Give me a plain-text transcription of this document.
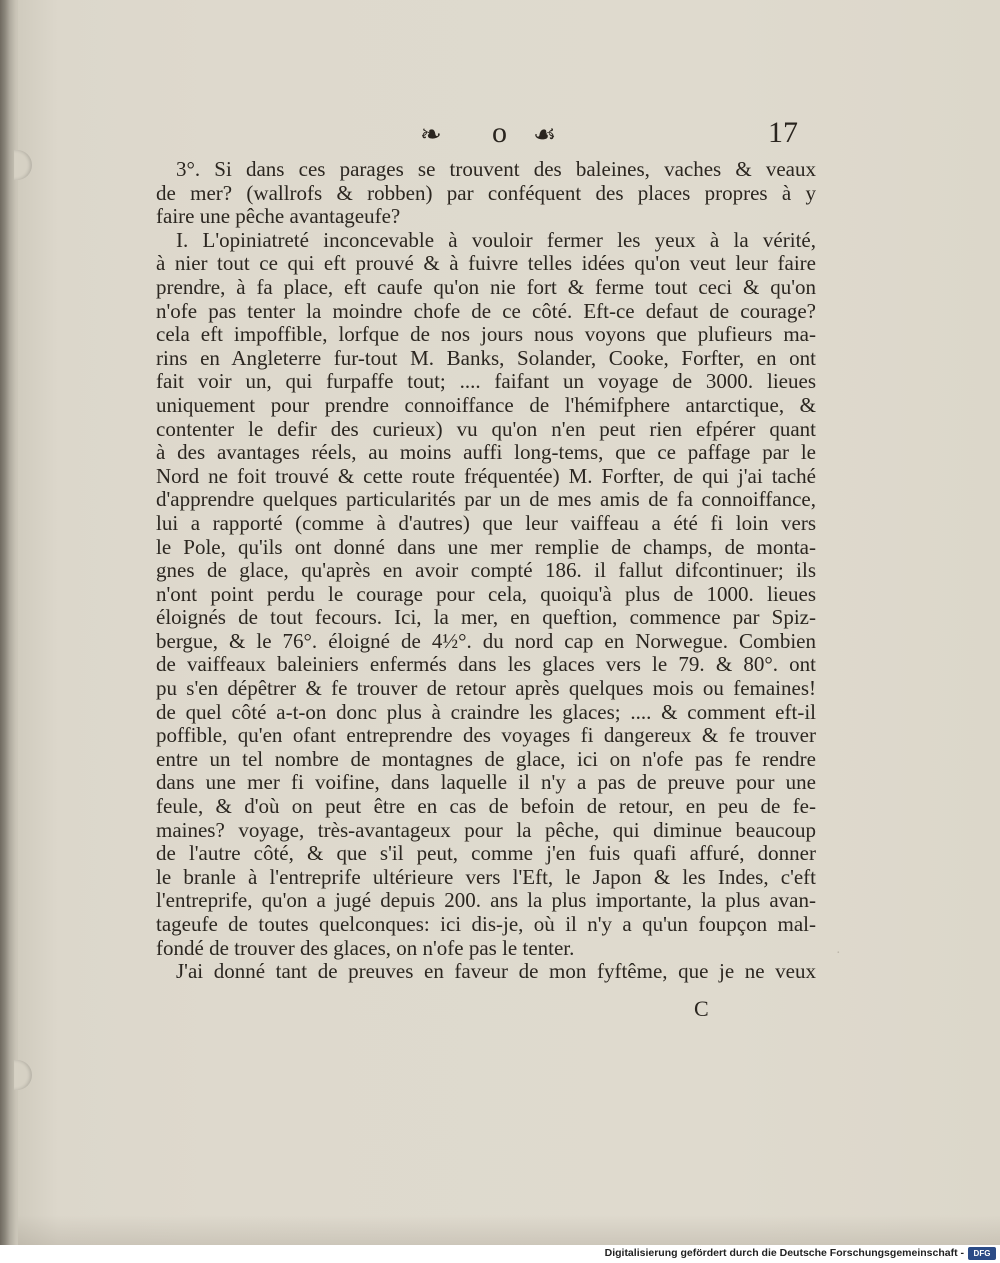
❧ o ☙	17
3°. Si dans ces parages se trouvent des baleines, vaches & veaux
de mer? (wallrofs & robben) par conféquent des places propres à y
faire une pêche avantageufe?
I. L'opiniatreté inconcevable à vouloir fermer les yeux à la vérité,
à nier tout ce qui eft prouvé & à fuivre telles idées qu'on veut leur faire
prendre, à fa place, eft caufe qu'on nie fort & ferme tout ceci & qu'on
n'ofe pas tenter la moindre chofe de ce côté. Eft-ce defaut de courage?
cela eft impoffible, lorfque de nos jours nous voyons que plufieurs ma-
rins en Angleterre fur-tout M. Banks, Solander, Cooke, Forfter, en ont
fait voir un, qui furpaffe tout; .... faifant un voyage de 3000. lieues
uniquement pour prendre connoiffance de l'hémifphere antarctique, &
contenter le defir des curieux) vu qu'on n'en peut rien efpérer quant
à des avantages réels, au moins auffi long-tems, que ce paffage par le
Nord ne foit trouvé & cette route fréquentée) M. Forfter, de qui j'ai taché
d'apprendre quelques particularités par un de mes amis de fa connoiffance,
lui a rapporté (comme à d'autres) que leur vaiffeau a été fi loin vers
le Pole, qu'ils ont donné dans une mer remplie de champs, de monta-
gnes de glace, qu'après en avoir compté 186. il fallut difcontinuer; ils
n'ont point perdu le courage pour cela, quoiqu'à plus de 1000. lieues
éloignés de tout fecours. Ici, la mer, en queftion, commence par Spiz-
bergue, & le 76°. éloigné de 4½°. du nord cap en Norwegue. Combien
de vaiffeaux baleiniers enfermés dans les glaces vers le 79. & 80°. ont
pu s'en dépêtrer & fe trouver de retour après quelques mois ou femaines!
de quel côté a-t-on donc plus à craindre les glaces; .... & comment eft-il
poffible, qu'en ofant entreprendre des voyages fi dangereux & fe trouver
entre un tel nombre de montagnes de glace, ici on n'ofe pas fe rendre
dans une mer fi voifine, dans laquelle il n'y a pas de preuve pour une
feule, & d'où on peut être en cas de befoin de retour, en peu de fe-
maines? voyage, très-avantageux pour la pêche, qui diminue beaucoup
de l'autre côté, & que s'il peut, comme j'en fuis quafi affuré, donner
le branle à l'entreprife ultérieure vers l'Eft, le Japon & les Indes, c'eft
l'entreprife, qu'on a jugé depuis 200. ans la plus importante, la plus avan-
tageufe de toutes quelconques: ici dis-je, où il n'y a qu'un foupçon mal-
fondé de trouver des glaces, on n'ofe pas le tenter.
J'ai donné tant de preuves en faveur de mon fyftême, que je ne veux
C
·
Digitalisierung gefördert durch die Deutsche Forschungsgemeinschaft -	DFG
